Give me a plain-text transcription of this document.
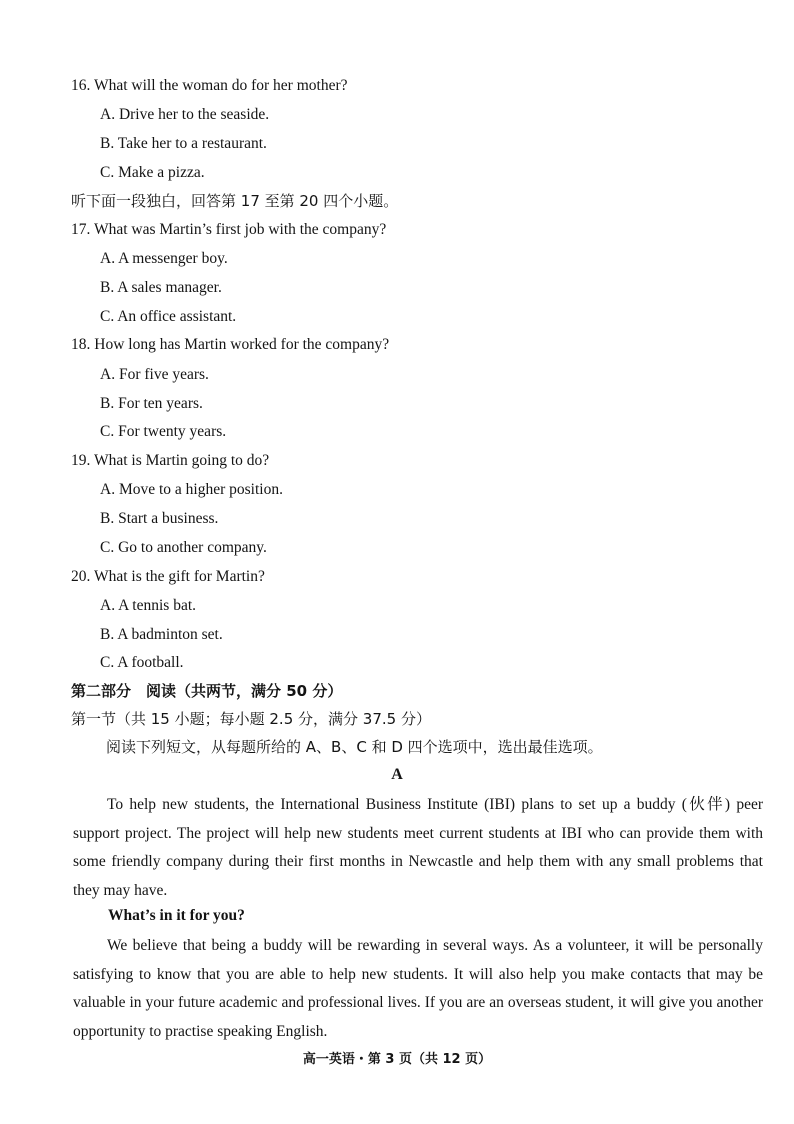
16. What will the woman do for her mother?
A. Drive her to the seaside.
B. Take her to a restaurant.
C. Make a pizza.
听下面一段独白，回答第 17 至第 20 四个小题。
17. What was Martin’s first job with the company?
A. A messenger boy.
B. A sales manager.
C. An office assistant.
18. How long has Martin worked for the company?
A. For five years.
B. For ten years.
C. For twenty years.
19. What is Martin going to do?
A. Move to a higher position.
B. Start a business.
C. Go to another company.
20. What is the gift for Martin?
A. A tennis bat.
B. A badminton set.
C. A football.
第二部分　阅读（共两节，满分 50 分）
第一节（共 15 小题；每小题 2.5 分，满分 37.5 分）
阅读下列短文，从每题所给的 A、B、C 和 D 四个选项中，选出最佳选项。
A
To help new students, the International Business Institute (IBI) plans to set up a buddy (伙伴) peer support project. The project will help new students meet current students at IBI who can provide them with some friendly company during their first months in Newcastle and help them with any small problems that they may have.
What’s in it for you?
We believe that being a buddy will be rewarding in several ways. As a volunteer, it will be personally satisfying to know that you are able to help new students. It will also help you make contacts that may be valuable in your future academic and professional lives. If you are an overseas student, it will give you another opportunity to practise speaking English.
高一英语・第 3 页（共 12 页）
